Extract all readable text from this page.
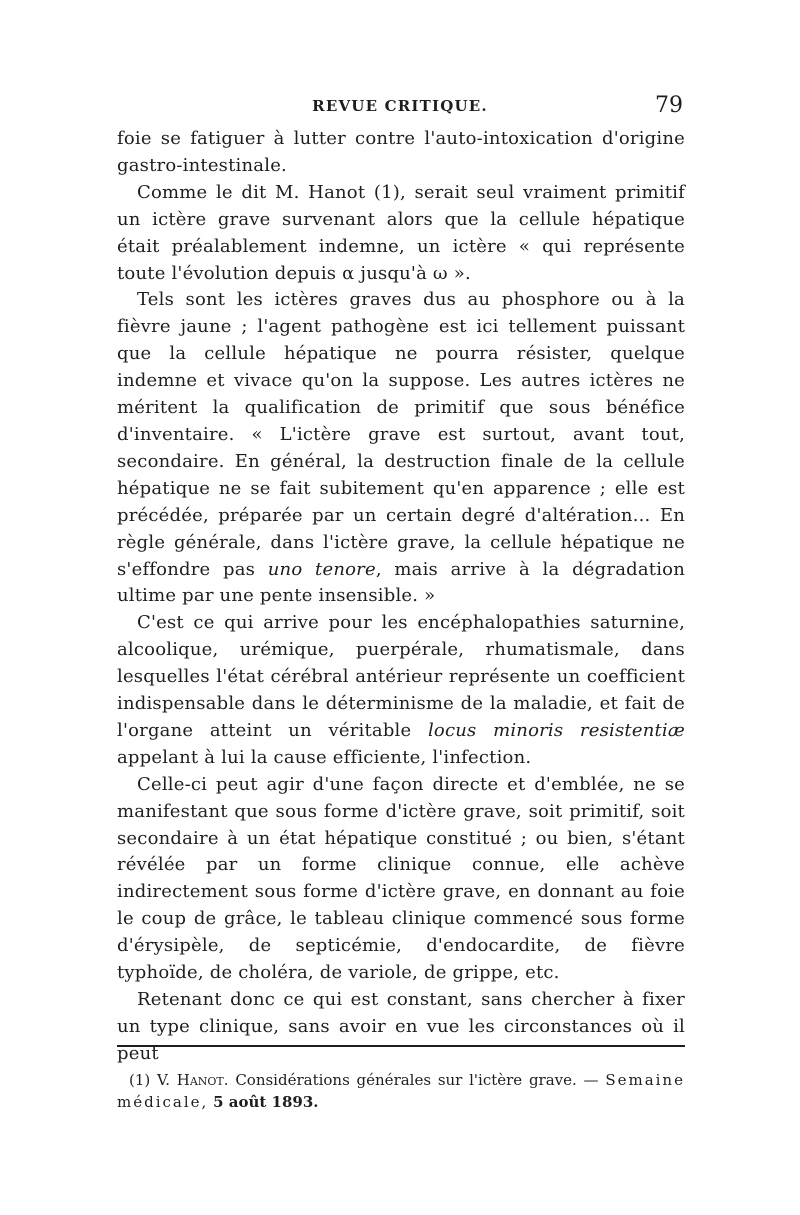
REVUE CRITIQUE.	79

foie se fatiguer à lutter contre l'auto-intoxication d'origine gastro-intestinale.

Comme le dit M. Hanot (1), serait seul vraiment primitif un ictère grave survenant alors que la cellule hépatique était préalablement indemne, un ictère « qui représente toute l'évolution depuis α jusqu'à ω ».

Tels sont les ictères graves dus au phosphore ou à la fièvre jaune ; l'agent pathogène est ici tellement puissant que la cellule hépatique ne pourra résister, quelque indemne et vivace qu'on la suppose. Les autres ictères ne méritent la qualification de primitif que sous bénéfice d'inventaire. « L'ictère grave est surtout, avant tout, secondaire. En général, la destruction finale de la cellule hépatique ne se fait subitement qu'en apparence ; elle est précédée, préparée par un certain degré d'altération... En règle générale, dans l'ictère grave, la cellule hépatique ne s'effondre pas uno tenore, mais arrive à la dégradation ultime par une pente insensible. »

C'est ce qui arrive pour les encéphalopathies saturnine, alcoolique, urémique, puerpérale, rhumatismale, dans lesquelles l'état cérébral antérieur représente un coefficient indispensable dans le déterminisme de la maladie, et fait de l'organe atteint un véritable locus minoris resistentiæ appelant à lui la cause efficiente, l'infection.

Celle-ci peut agir d'une façon directe et d'emblée, ne se manifestant que sous forme d'ictère grave, soit primitif, soit secondaire à un état hépatique constitué ; ou bien, s'étant révélée par un forme clinique connue, elle achève indirectement sous forme d'ictère grave, en donnant au foie le coup de grâce, le tableau clinique commencé sous forme d'érysipèle, de septicémie, d'endocardite, de fièvre typhoïde, de choléra, de variole, de grippe, etc.

Retenant donc ce qui est constant, sans chercher à fixer un type clinique, sans avoir en vue les circonstances où il peut

(1) V. Hanot. Considérations générales sur l'ictère grave. — Semaine médicale, 5 août 1893.
